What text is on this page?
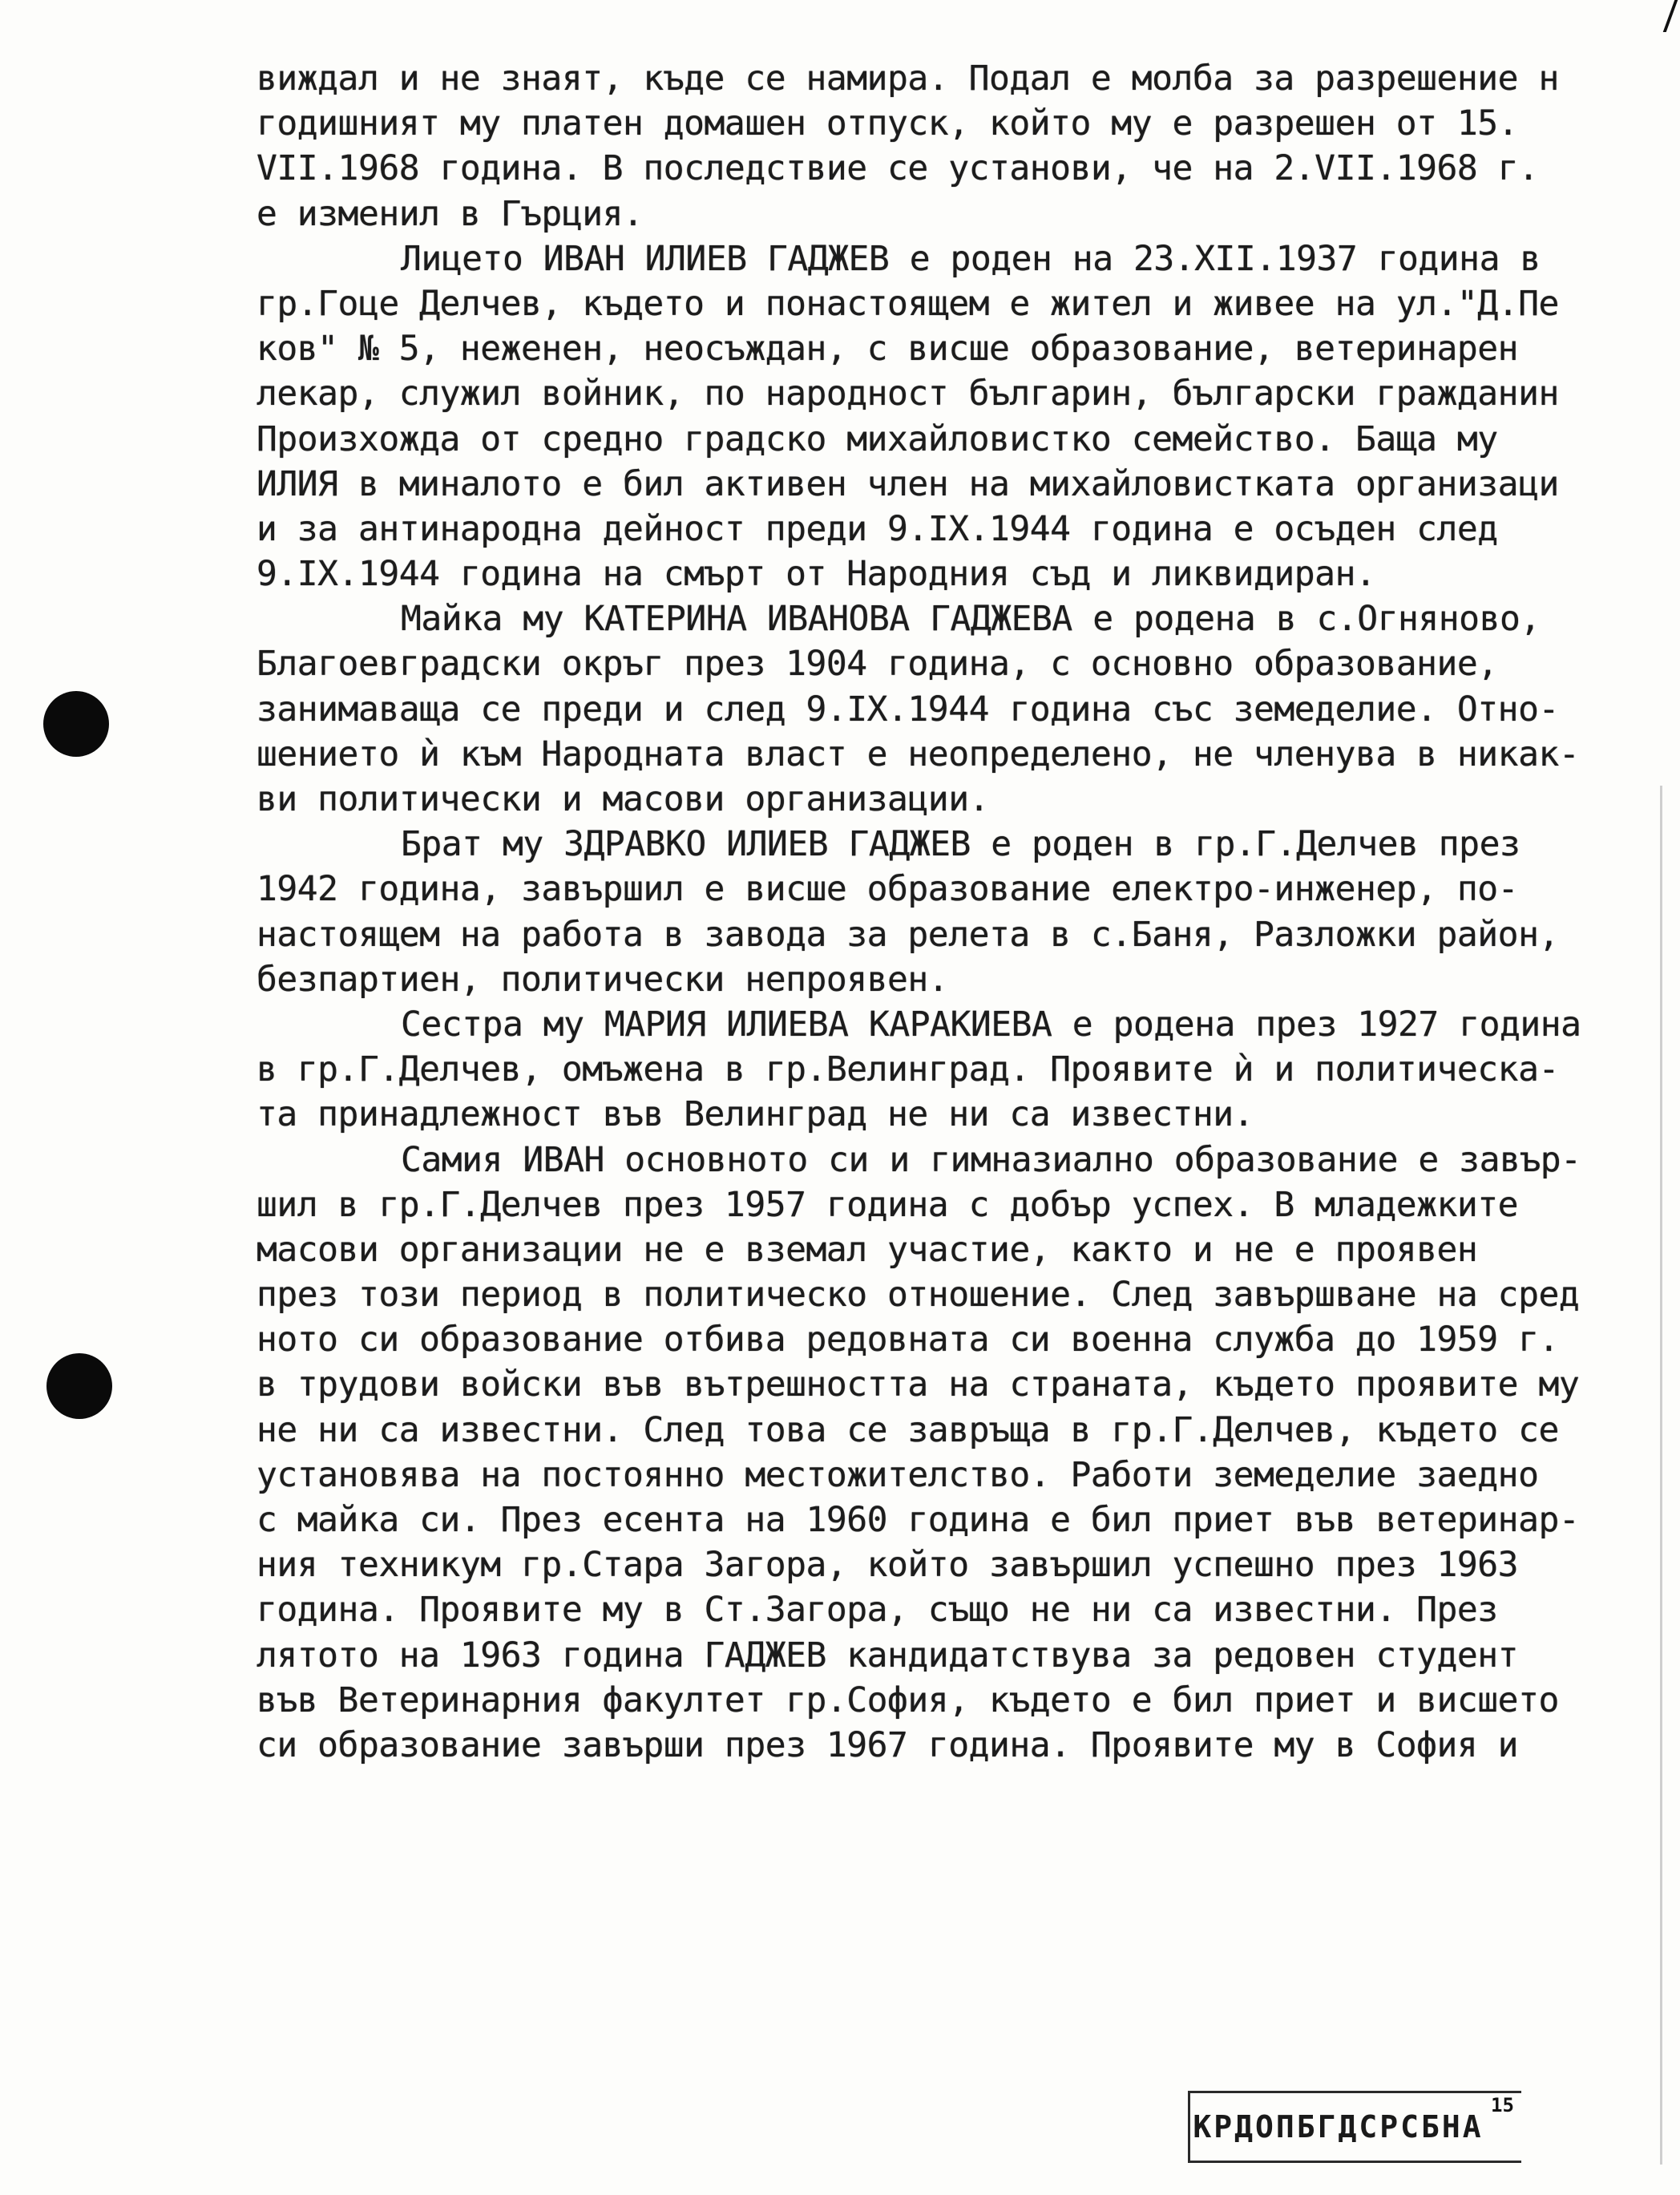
виждал и не знаят, къде се намира. Подал е молба за разрешение н
годишният му платен домашен отпуск, който му е разрешен от 15.
VII.1968 година. В последствие се установи, че на 2.VII.1968 г.
е изменил в Гърция.
Лицето ИВАН ИЛИЕВ ГАДЖЕВ е роден на 23.XII.1937 година в
гр.Гоце Делчев, където и понастоящем е жител и живее на ул."Д.Пе
ков" № 5, неженен, неосъждан, с висше образование, ветеринарен
лекар, служил войник, по народност българин, български гражданин
Произхожда от средно градско михайловистко семейство. Баща му
ИЛИЯ в миналото е бил активен член на михайловистката организаци
и за антинародна дейност преди 9.IX.1944 година е осъден след
9.IX.1944 година на смърт от Народния съд и ликвидиран.
Майка му КАТЕРИНА ИВАНОВА ГАДЖЕВА е родена в с.Огняново,
Благоевградски окръг през 1904 година, с основно образование,
занимаваща се преди и след 9.IX.1944 година със земеделие. Отно-
шението ѝ към Народната власт е неопределено, не членува в никак-
ви политически и масови организации.
Брат му ЗДРАВКО ИЛИЕВ ГАДЖЕВ е роден в гр.Г.Делчев през
1942 година, завършил е висше образование електро-инженер, по-
настоящем на работа в завода за релета в с.Баня, Разложки район,
безпартиен, политически непроявен.
Сестра му МАРИЯ ИЛИЕВА КАРАКИЕВА е родена през 1927 година
в гр.Г.Делчев, омъжена в гр.Велинград. Проявите ѝ и политическа-
та принадлежност във Велинград не ни са известни.
Самия ИВАН основното си и гимназиално образование е завър-
шил в гр.Г.Делчев през 1957 година с добър успех. В младежките
масови организации не е вземал участие, както и не е проявен
през този период в политическо отношение. След завършване на сред
ното си образование отбива редовната си военна служба до 1959 г.
в трудови войски във вътрешността на страната, където проявите му
не ни са известни. След това се завръща в гр.Г.Делчев, където се
установява на постоянно местожителство. Работи земеделие заедно
с майка си. През есента на 1960 година е бил приет във ветеринар-
ния техникум гр.Стара Загора, който завършил успешно през 1963
година. Проявите му в Ст.Загора, също не ни са известни. През
лятото на 1963 година ГАДЖЕВ кандидатствува за редовен студент
във Ветеринарния факултет гр.София, където е бил приет и висшето
си образование завърши през 1967 година. Проявите му в София и
КРДОПБГДСРСБНА
15
